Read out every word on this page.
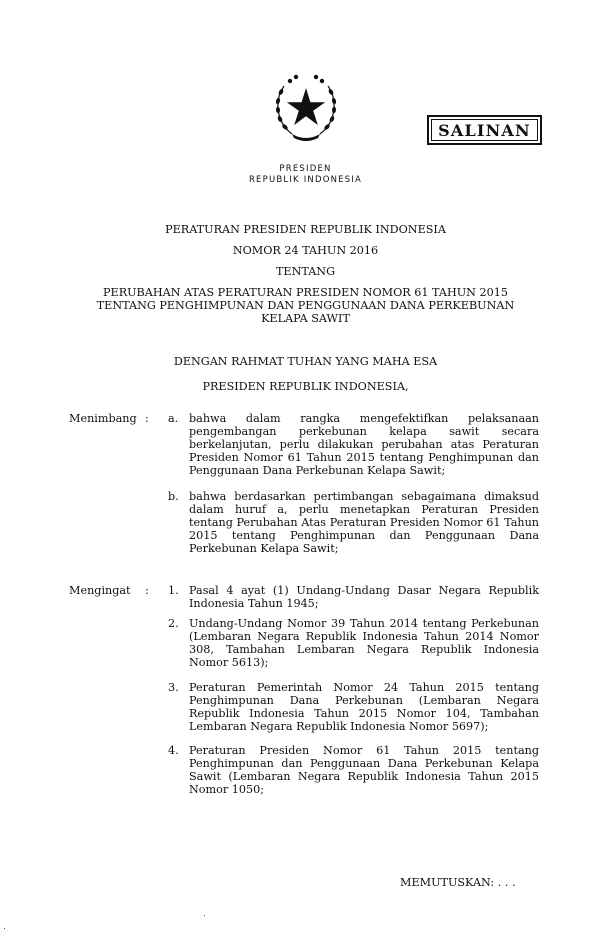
SALINAN
PRESIDEN
REPUBLIK INDONESIA
PERATURAN PRESIDEN REPUBLIK INDONESIA
NOMOR 24 TAHUN 2016
TENTANG
PERUBAHAN ATAS PERATURAN PRESIDEN NOMOR 61 TAHUN 2015
TENTANG PENGHIMPUNAN DAN PENGGUNAAN DANA PERKEBUNAN
KELAPA SAWIT
DENGAN RAHMAT TUHAN YANG MAHA ESA
PRESIDEN REPUBLIK INDONESIA,
Menimbang : a. bahwa dalam rangka mengefektifkan pelaksanaan pengembangan perkebunan kelapa sawit secara berkelanjutan, perlu dilakukan perubahan atas Peraturan Presiden Nomor 61 Tahun 2015 tentang Penghimpunan dan Penggunaan Dana Perkebunan Kelapa Sawit;
b. bahwa berdasarkan pertimbangan sebagaimana dimaksud dalam huruf a, perlu menetapkan Peraturan Presiden tentang Perubahan Atas Peraturan Presiden Nomor 61 Tahun 2015 tentang Penghimpunan dan Penggunaan Dana Perkebunan Kelapa Sawit;
Mengingat : 1. Pasal 4 ayat (1) Undang-Undang Dasar Negara Republik Indonesia Tahun 1945;
2. Undang-Undang Nomor 39 Tahun 2014 tentang Perkebunan (Lembaran Negara Republik Indonesia Tahun 2014 Nomor 308, Tambahan Lembaran Negara Republik Indonesia Nomor 5613);
3. Peraturan Pemerintah Nomor 24 Tahun 2015 tentang Penghimpunan Dana Perkebunan (Lembaran Negara Republik Indonesia Tahun 2015 Nomor 104, Tambahan Lembaran Negara Republik Indonesia Nomor 5697);
4. Peraturan Presiden Nomor 61 Tahun 2015 tentang Penghimpunan dan Penggunaan Dana Perkebunan Kelapa Sawit (Lembaran Negara Republik Indonesia Tahun 2015 Nomor 1050;
MEMUTUSKAN: . . .
